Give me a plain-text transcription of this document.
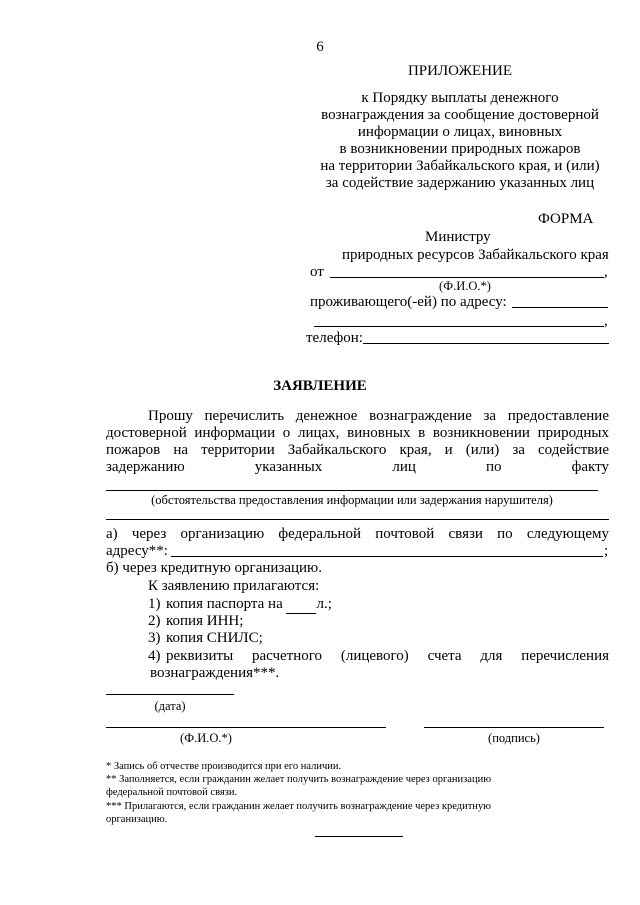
6
ПРИЛОЖЕНИЕ
к Порядку выплаты денежного
вознаграждения за сообщение достоверной
информации о лицах, виновных
в возникновении природных пожаров
на территории Забайкальского края, и (или)
за содействие задержанию указанных лиц
ФОРМА
Министру
природных ресурсов Забайкальского края
от	,
(Ф.И.О.*)
проживающего(-ей) по адресу:
,
телефон:
ЗАЯВЛЕНИЕ
Прошу перечислить денежное вознаграждение за предоставление
достоверной информации о лицах, виновных в возникновении природных
пожаров на территории Забайкальского края, и (или) за содействие
задержанию указанных лиц по факту
(обстоятельства предоставления информации или задержания нарушителя)
а) через организацию федеральной почтовой связи по следующему
адресу**:	;
б) через кредитную организацию.
К заявлению прилагаются:
1) копия паспорта на л.;
2) копия ИНН;
3) копия СНИЛС;
4) реквизиты расчетного (лицевого) счета для перечисления
вознаграждения***.
(дата)
(Ф.И.О.*)	(подпись)
* Запись об отчестве производится при его наличии.
** Заполняется, если гражданин желает получить вознаграждение через организацию
федеральной почтовой связи.
*** Прилагаются, если гражданин желает получить вознаграждение через кредитную
организацию.
